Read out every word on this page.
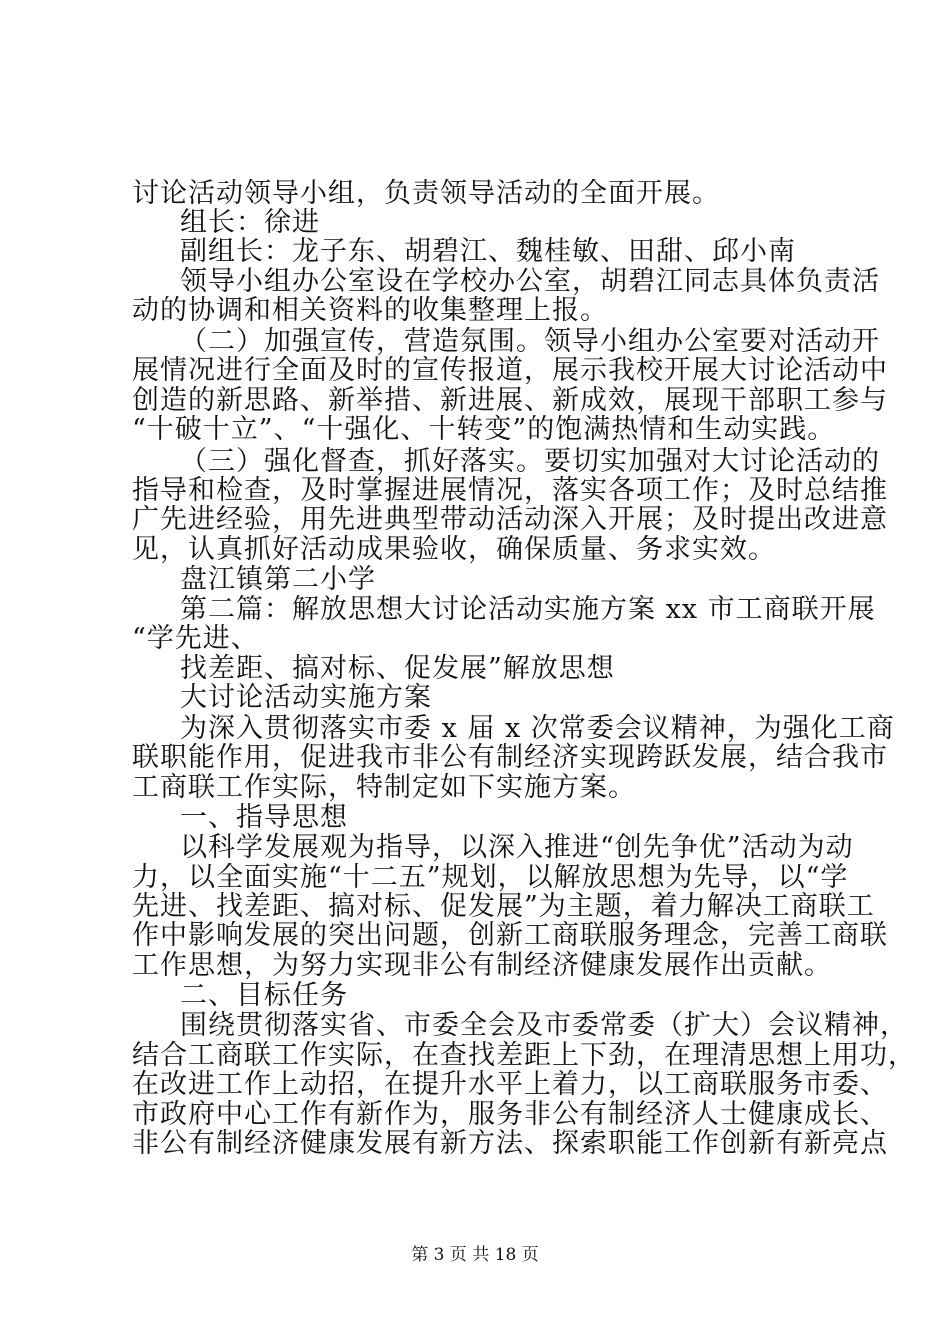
讨论活动领导小组，负责领导活动的全面开展。
组长：徐进
副组长：龙子东、胡碧江、魏桂敏、田甜、邱小南
领导小组办公室设在学校办公室，胡碧江同志具体负责活
动的协调和相关资料的收集整理上报。
（二）加强宣传，营造氛围。领导小组办公室要对活动开
展情况进行全面及时的宣传报道，展示我校开展大讨论活动中
创造的新思路、新举措、新进展、新成效，展现干部职工参与
“十破十立”、“十强化、十转变”的饱满热情和生动实践。
（三）强化督查，抓好落实。要切实加强对大讨论活动的
指导和检查，及时掌握进展情况，落实各项工作；及时总结推
广先进经验，用先进典型带动活动深入开展；及时提出改进意
见，认真抓好活动成果验收，确保质量、务求实效。
盘江镇第二小学
第二篇：解放思想大讨论活动实施方案 xx 市工商联开展
“学先进、
找差距、搞对标、促发展”解放思想
大讨论活动实施方案
为深入贯彻落实市委 x 届 x 次常委会议精神，为强化工商
联职能作用，促进我市非公有制经济实现跨跃发展，结合我市
工商联工作实际，特制定如下实施方案。
一、指导思想
以科学发展观为指导，以深入推进“创先争优”活动为动
力，以全面实施“十二五”规划，以解放思想为先导，以“学
先进、找差距、搞对标、促发展”为主题，着力解决工商联工
作中影响发展的突出问题，创新工商联服务理念，完善工商联
工作思想，为努力实现非公有制经济健康发展作出贡献。
二、目标任务
围绕贯彻落实省、市委全会及市委常委（扩大）会议精神，
结合工商联工作实际，在查找差距上下劲，在理清思想上用功，
在改进工作上动招，在提升水平上着力，以工商联服务市委、
市政府中心工作有新作为，服务非公有制经济人士健康成长、
非公有制经济健康发展有新方法、探索职能工作创新有新亮点
第 3 页 共 18 页
